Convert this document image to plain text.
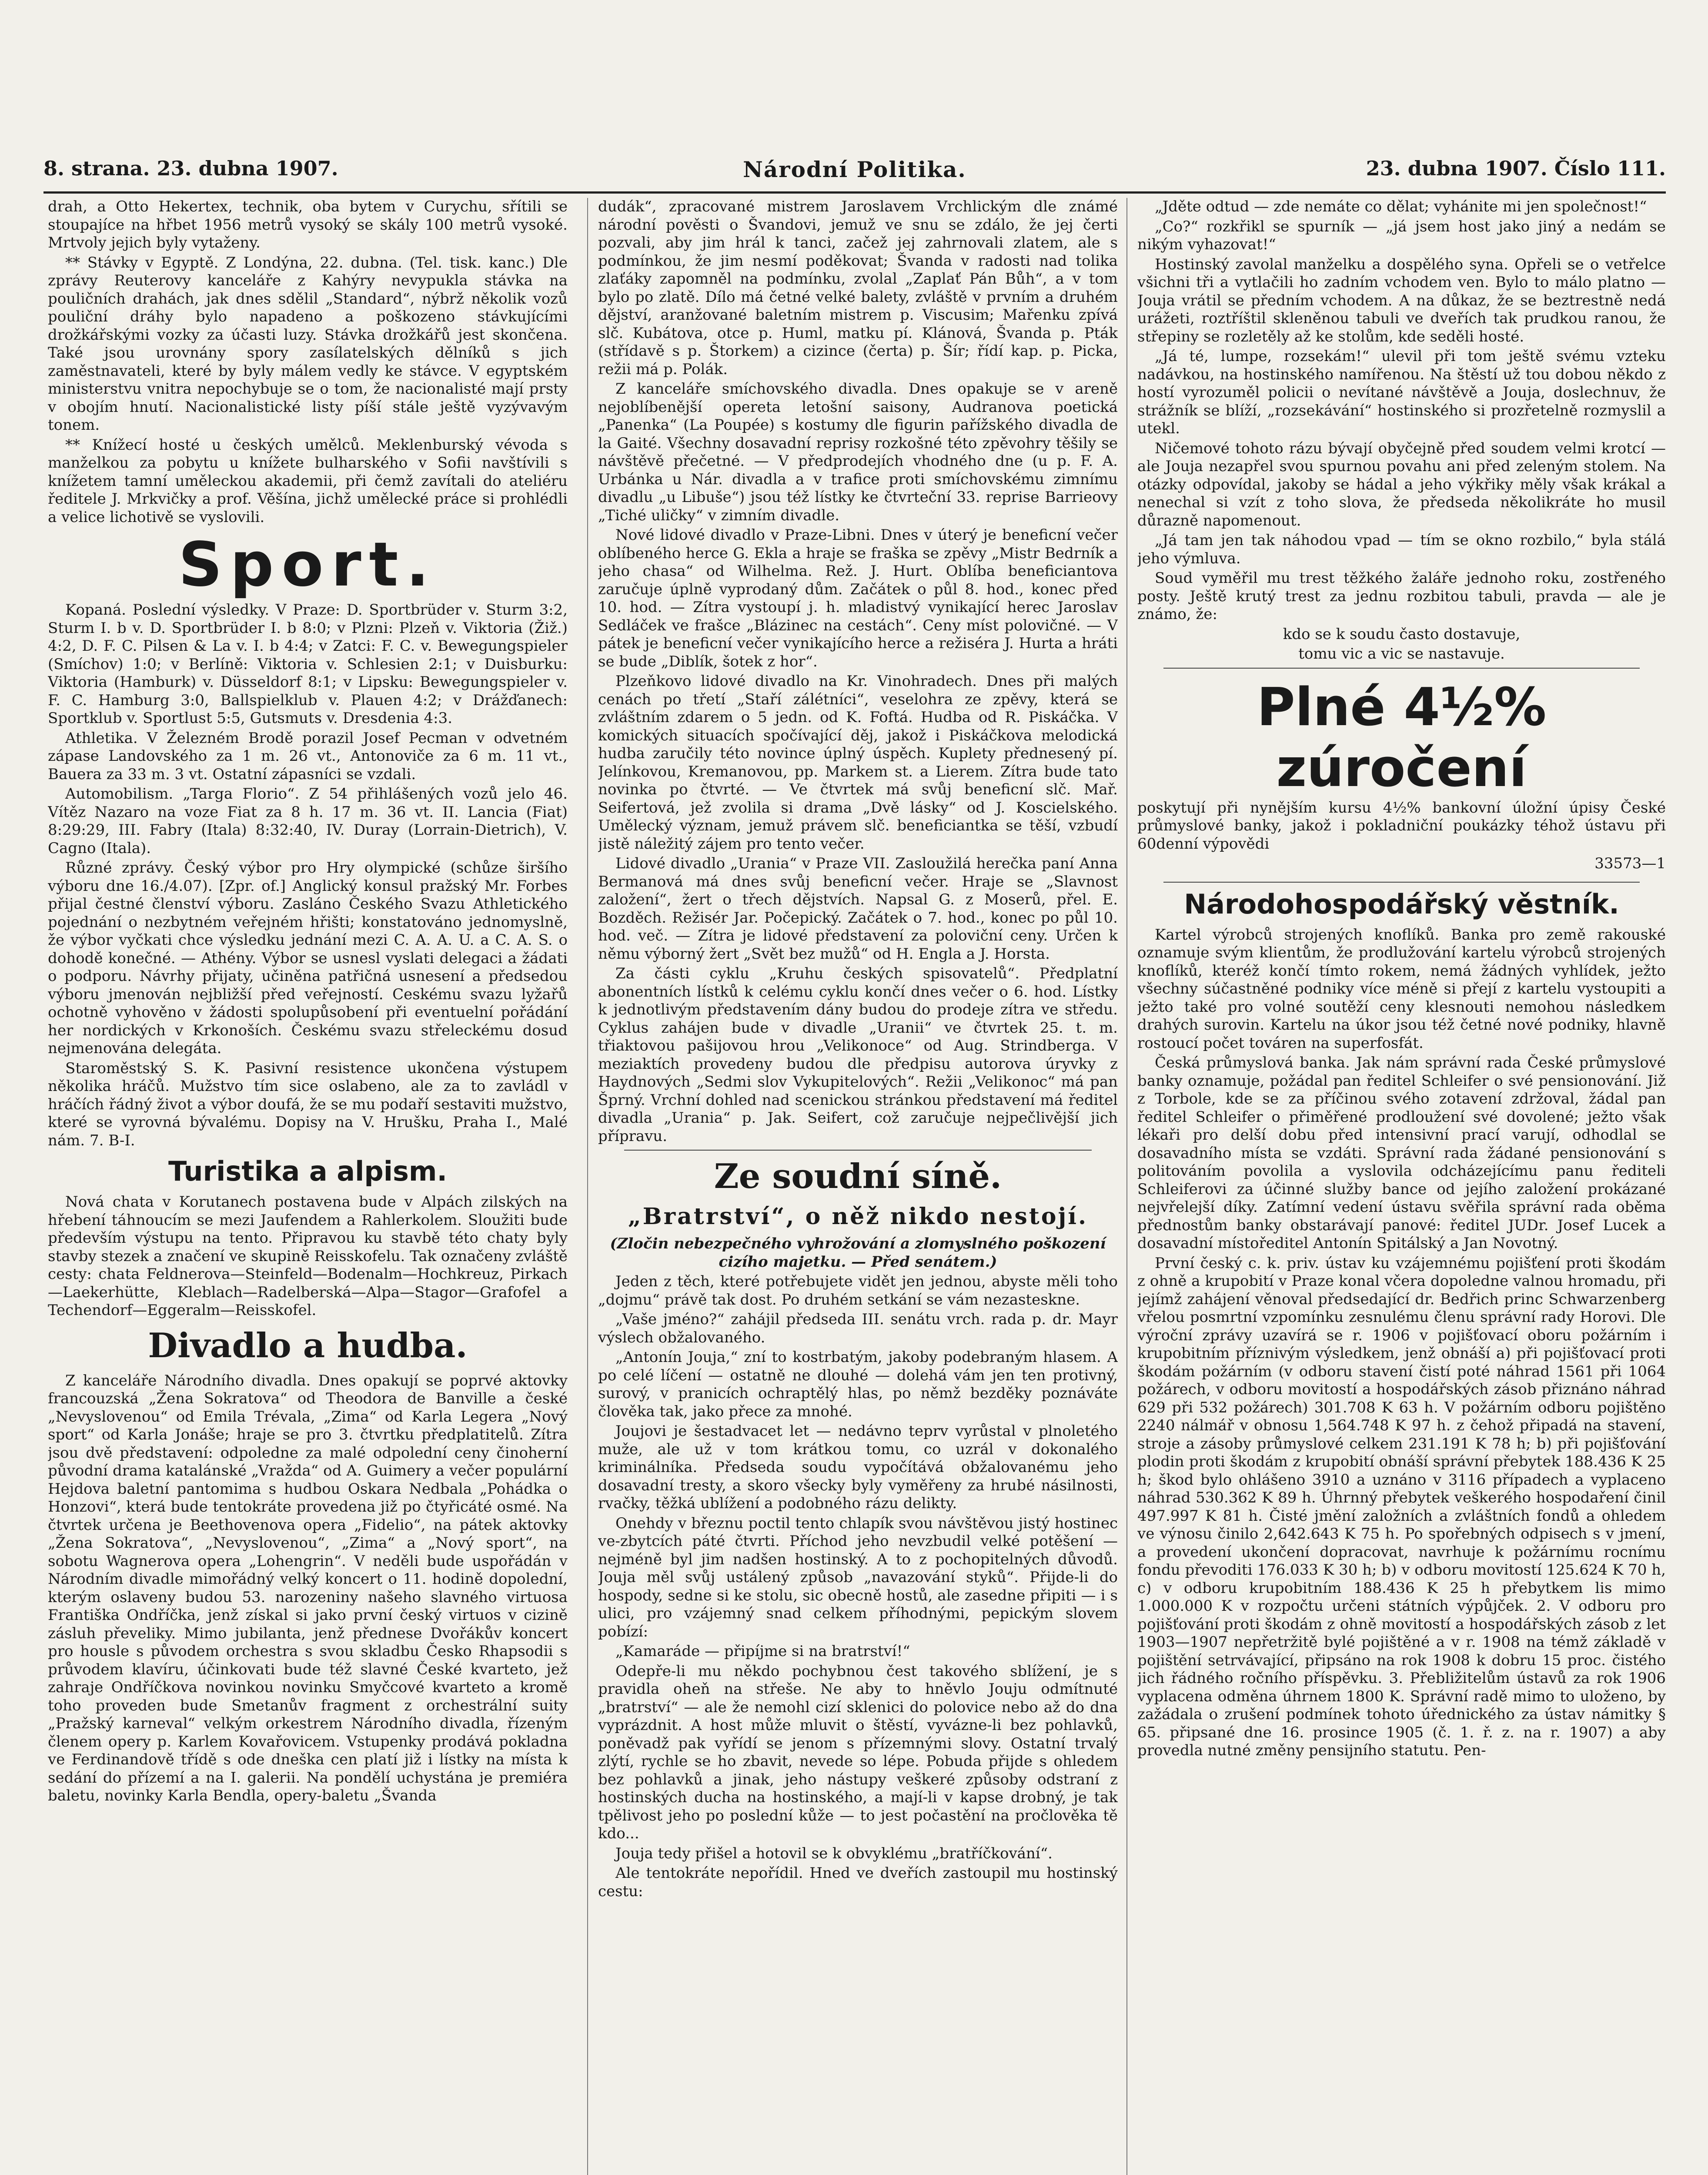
8. strana. 23. dubna 1907.	Národní Politika.	23. dubna 1907. Číslo 111.

drah, a Otto Hekertex, technik, oba bytem v Curychu, sřítili se stoupajíce na hřbet 1956 metrů vysoký se skály 100 metrů vysoké. Mrtvoly jejich byly vytaženy.

** Stávky v Egyptě. Z Londýna, 22. dubna. (Tel. tisk. kanc.) Dle zprávy Reuterovy kanceláře z Kahýry nevypukla stávka na pouličních drahách, jak dnes sdělil „Standard“, nýbrž několik vozů pouliční dráhy bylo napadeno a poškozeno stávkujícími drožkářskými vozky za účasti luzy. Stávka drožkářů jest skončena. Také jsou urovnány spory zasílatelských dělníků s jich zaměstnavateli, které by byly málem vedly ke stávce. V egyptském ministerstvu vnitra nepochybuje se o tom, že nacionalisté mají prsty v obojím hnutí. Nacionalistické listy píší stále ještě vyzývavým tonem.

** Knížecí hosté u českých umělců. Meklenburský vévoda s manželkou za pobytu u knížete bulharského v Sofii navštívili s knížetem tamní uměleckou akademii, při čemž zavítali do ateliéru ředitele J. Mrkvičky a prof. Věšína, jichž umělecké práce si prohlédli a velice lichotivě se vyslovili.

Sport.

Kopaná. Poslední výsledky. V Praze: D. Sportbrüder v. Sturm 3:2, Sturm I. b v. D. Sportbrüder I. b 8:0; v Plzni: Plzeň v. Viktoria (Žiž.) 4:2, D. F. C. Pilsen & La v. I. b 4:4; v Zatci: F. C. v. Bewegungspieler (Smíchov) 1:0; v Berlíně: Viktoria v. Schlesien 2:1; v Duisburku: Viktoria (Hamburk) v. Düsseldorf 8:1; v Lipsku: Bewegungspieler v. F. C. Hamburg 3:0, Ballspielklub v. Plauen 4:2; v Drážďanech: Sportklub v. Sportlust 5:5, Gutsmuts v. Dresdenia 4:3.

Athletika. V Železném Brodě porazil Josef Pecman v odvetném zápase Landovského za 1 m. 26 vt., Antonoviče za 6 m. 11 vt., Bauera za 33 m. 3 vt. Ostatní zápasníci se vzdali.

Automobilism. „Targa Florio“. Z 54 přihlášených vozů jelo 46. Vítěz Nazaro na voze Fiat za 8 h. 17 m. 36 vt. II. Lancia (Fiat) 8:29:29, III. Fabry (Itala) 8:32:40, IV. Duray (Lorrain-Dietrich), V. Cagno (Itala).

Různé zprávy. Český výbor pro Hry olympické (schůze širšího výboru dne 16./4.07). [Zpr. of.] Anglický konsul pražský Mr. Forbes přijal čestné členství výboru. Zasláno Českého Svazu Athletického pojednání o nezbytném veřejném hřišti; konstatováno jednomyslně, že výbor vyčkati chce výsledku jednání mezi C. A. A. U. a C. A. S. o dohodě konečné. — Athény. Výbor se usnesl vyslati delegaci a žádati o podporu. Návrhy přijaty, učiněna patřičná usnesení a předsedou výboru jmenován nejbližší před veřejností. Ceskému svazu lyžařů ochotně vyhověno v žádosti spolupůsobení při eventuelní pořádání her nordických v Krkonoších. Českému svazu střeleckému dosud nejmenována delegáta.

Staroměstský S. K. Pasivní resistence ukončena výstupem několika hráčů. Mužstvo tím sice oslabeno, ale za to zavládl v hráčích řádný život a výbor doufá, že se mu podaří sestaviti mužstvo, které se vyrovná bývalému. Dopisy na V. Hrušku, Praha I., Malé nám. 7. B-I.

Turistika a alpism.

Nová chata v Korutanech postavena bude v Alpách zilských na hřebení táhnoucím se mezi Jaufendem a Rahlerkolem. Sloužiti bude především výstupu na tento. Připravou ku stavbě této chaty byly stavby stezek a značení ve skupině Reisskofelu. Tak označeny zvláště cesty: chata Feldnerova—Steinfeld—Bodenalm—Hochkreuz, Pirkach—Laekerhütte, Kleblach—Radelberská—Alpa—Stagor—Grafofel a Techendorf—Eggeralm—Reisskofel.

Divadlo a hudba.

Z kanceláře Národního divadla. Dnes opakují se poprvé aktovky francouzská „Žena Sokratova“ od Theodora de Banville a české „Nevyslovenou“ od Emila Trévala, „Zima“ od Karla Legera „Nový sport“ od Karla Jonáše; hraje se pro 3. čtvrtku předplatitelů. Zítra jsou dvě představení: odpoledne za malé odpolední ceny činoherní původní drama katalánské „Vražda“ od A. Guimery a večer populární Hejdova baletní pantomima s hudbou Oskara Nedbala „Pohádka o Honzovi“, která bude tentokráte provedena již po čtyřicáté osmé. Na čtvrtek určena je Beethovenova opera „Fidelio“, na pátek aktovky „Žena Sokratova“, „Nevyslovenou“, „Zima“ a „Nový sport“, na sobotu Wagnerova opera „Lohengrin“. V neděli bude uspořádán v Národním divadle mimořádný velký koncert o 11. hodině dopolední, kterým oslaveny budou 53. narozeniny našeho slavného virtuosa Františka Ondříčka, jenž získal si jako první český virtuos v cizině zásluh převeliky. Mimo jubilanta, jenž přednese Dvořákův koncert pro housle s původem orchestra s svou skladbu Česko Rhapsodii s průvodem klavíru, účinkovati bude též slavné České kvarteto, jež zahraje Ondříčkova novinkou novinku Smyčcové kvarteto a kromě toho proveden bude Smetanův fragment z orchestrální suity „Pražský karneval“ velkým orkestrem Národního divadla, řízeným členem opery p. Karlem Kovařovicem. Vstupenky prodává pokladna ve Ferdinandově třídě s ode dneška cen platí již i lístky na místa k sedání do přízemí a na I. galerii. Na pondělí uchystána je premiéra baletu, novinky Karla Bendla, opery-baletu „Švanda

dudák“, zpracované mistrem Jaroslavem Vrchlickým dle známé národní pověsti o Švandovi, jemuž ve snu se zdálo, že jej čerti pozvali, aby jim hrál k tanci, začež jej zahrnovali zlatem, ale s podmínkou, že jim nesmí poděkovat; Švanda v radosti nad tolika zlaťáky zapomněl na podmínku, zvolal „Zaplať Pán Bůh“, a v tom bylo po zlatě. Dílo má četné velké balety, zvláště v prvním a druhém dějství, aranžované baletním mistrem p. Viscusim; Mařenku zpívá slč. Kubátova, otce p. Huml, matku pí. Klánová, Švanda p. Pták (střídavě s p. Štorkem) a cizince (čerta) p. Šír; řídí kap. p. Picka, režii má p. Polák.

Z kanceláře smíchovského divadla. Dnes opakuje se v areně nejoblíbenější opereta letošní saisony, Audranova poetická „Panenka“ (La Poupée) s kostumy dle figurin pařížského divadla de la Gaité. Všechny dosavadní reprisy rozkošné této zpěvohry těšily se návštěvě přečetné. — V předprodejích vhodného dne (u p. F. A. Urbánka u Nár. divadla a v trafice proti smíchovskému zimnímu divadlu „u Libuše“) jsou též lístky ke čtvrteční 33. reprise Barrieovy „Tiché uličky“ v zimním divadle.

Nové lidové divadlo v Praze-Libni. Dnes v úterý je beneficní večer oblíbeného herce G. Ekla a hraje se fraška se zpěvy „Mistr Bedrník a jeho chasa“ od Wilhelma. Rež. J. Hurt. Oblíba beneficiantova zaručuje úplně vyprodaný dům. Začátek o půl 8. hod., konec před 10. hod. — Zítra vystoupí j. h. mladistvý vynikající herec Jaroslav Sedláček ve frašce „Blázinec na cestách“. Ceny míst polovičné. — V pátek je beneficní večer vynikajícího herce a režiséra J. Hurta a hráti se bude „Diblík, šotek z hor“.

Plzeňkovo lidové divadlo na Kr. Vinohradech. Dnes při malých cenách po třetí „Staří zálétníci“, veselohra ze zpěvy, která se zvláštním zdarem o 5 jedn. od K. Foftá. Hudba od R. Piskáčka. V komických situacích spočívající děj, jakož i Piskáčkova melodická hudba zaručily této novince úplný úspěch. Kuplety přednesený pí. Jelínkovou, Kremanovou, pp. Markem st. a Lierem. Zítra bude tato novinka po čtvrté. — Ve čtvrtek má svůj beneficní slč. Mař. Seifertová, jež zvolila si drama „Dvě lásky“ od J. Koscielského. Umělecký význam, jemuž právem slč. beneficiantka se těší, vzbudí jistě náležitý zájem pro tento večer.

Lidové divadlo „Urania“ v Praze VII. Zasloužilá herečka paní Anna Bermanová má dnes svůj beneficní večer. Hraje se „Slavnost založení“, žert o třech dějstvích. Napsal G. z Moserů, přel. E. Bozděch. Režisér Jar. Počepický. Začátek o 7. hod., konec po půl 10. hod. več. — Zítra je lidové představení za poloviční ceny. Určen k němu výborný žert „Svět bez mužů“ od H. Engla a J. Horsta.

Za části cyklu „Kruhu českých spisovatelů“. Předplatní abonentních lístků k celému cyklu končí dnes večer o 6. hod. Lístky k jednotlivým představením dány budou do prodeje zítra ve středu. Cyklus zahájen bude v divadle „Uranii“ ve čtvrtek 25. t. m. třiaktovou pašijovou hrou „Velikonoce“ od Aug. Strindberga. V meziaktích provedeny budou dle předpisu autorova úryvky z Haydnových „Sedmi slov Vykupitelových“. Režii „Velikonoc“ má pan Šprný. Vrchní dohled nad scenickou stránkou představení má ředitel divadla „Urania“ p. Jak. Seifert, což zaručuje nejpečlivější jich přípravu.

Ze soudní síně.
„Bratrství“, o něž nikdo nestojí.

(Zločin nebezpečného vyhrožování a zlomyslného poškození cizího majetku. — Před senátem.)

Jeden z těch, které potřebujete vidět jen jednou, abyste měli toho „dojmu“ právě tak dost. Po druhém setkání se vám nezasteskne.

„Vaše jméno?“ zahájil předseda III. senátu vrch. rada p. dr. Mayr výslech obžalovaného.

„Antonín Jouja,“ zní to kostrbatým, jakoby podebraným hlasem. A po celé líčení — ostatně ne dlouhé — dolehá vám jen ten protivný, surový, v pranicích ochraptělý hlas, po němž bezděky poznáváte člověka tak, jako přece za mnohé.

Joujovi je šestadvacet let — nedávno teprv vyrůstal v plnoletého muže, ale už v tom krátkou tomu, co uzrál v dokonalého kriminálníka. Předseda soudu vypočítává obžalovanému jeho dosavadní tresty, a skoro všecky byly vyměřeny za hrubé násilnosti, rvačky, těžká ublížení a podobného rázu delikty.

Onehdy v březnu poctil tento chlapík svou návštěvou jistý hostinec ve-zbytcích páté čtvrti. Příchod jeho nevzbudil velké potěšení — nejméně byl jim nadšen hostinský. A to z pochopitelných důvodů. Jouja měl svůj ustálený způsob „navazování styků“. Přijde-li do hospody, sedne si ke stolu, sic obecně hostů, ale zasedne připiti — i s ulici, pro vzájemný snad celkem příhodnými, pepickým slovem pobízí:

„Kamaráde — připíjme si na bratrství!“

Odepře-li mu někdo pochybnou čest takového sblížení, je s pravidla oheň na střeše. Ne aby to hněvlo Jouju odmítnuté „bratrství“ — ale že nemohl cizí sklenici do polovice nebo až do dna vyprázdnit. A host může mluvit o štěstí, vyvázne-li bez pohlavků, poněvadž pak vyřídí se jenom s přízemnými slovy. Ostatní trvalý zlýtí, rychle se ho zbavit, nevede so lépe. Pobuda přijde s ohledem bez pohlavků a jinak, jeho nástupy veškeré způsoby odstraní z hostinských ducha na hostinského, a mají-li v kapse drobný, je tak tpělivost jeho po poslední kůže — to jest počastění na pročlověka tě kdo...

Jouja tedy přišel a hotovil se k obvyklému „bratříčkování“.

Ale tentokráte nepořídil. Hned ve dveřích zastoupil mu hostinský cestu:

„Jděte odtud — zde nemáte co dělat; vyhánite mi jen společnost!“

„Co?“ rozkřikl se spurník — „já jsem host jako jiný a nedám se nikým vyhazovat!“

Hostinský zavolal manželku a dospělého syna. Opřeli se o vetřelce všichni tři a vytlačili ho zadním vchodem ven. Bylo to málo platno — Jouja vrátil se předním vchodem. A na důkaz, že se beztrestně nedá urážeti, roztříštil skleněnou tabuli ve dveřích tak prudkou ranou, že střepiny se rozletěly až ke stolům, kde seděli hosté.

„Já té, lumpe, rozsekám!“ ulevil při tom ještě svému vzteku nadávkou, na hostinského namířenou. Na štěstí už tou dobou někdo z hostí vyrozuměl policii o nevítané návštěvě a Jouja, doslechnuv, že strážník se blíží, „rozsekávání“ hostinského si prozřetelně rozmyslil a utekl.

Ničemové tohoto rázu bývají obyčejně před soudem velmi krotcí — ale Jouja nezapřel svou spurnou povahu ani před zeleným stolem. Na otázky odpovídal, jakoby se hádal a jeho výkřiky měly však krákal a nenechal si vzít z toho slova, že předseda několikráte ho musil důrazně napomenout.

„Já tam jen tak náhodou vpad — tím se okno rozbilo,“ byla stálá jeho výmluva.

Soud vyměřil mu trest těžkého žaláře jednoho roku, zostřeného posty. Ještě krutý trest za jednu rozbitou tabuli, pravda — ale je známo, že:

kdo se k soudu často dostavuje,

tomu vic a vic se nastavuje.

Plné 4½% zúročení

poskytují při nynějším kursu 4½% bankovní úložní úpisy České průmyslové banky, jakož i pokladniční poukázky téhož ústavu při 60denní výpovědi

33573—1

Národohospodářský věstník.

Kartel výrobců strojených knoflíků. Banka pro země rakouské oznamuje svým klientům, že prodlužování kartelu výrobců strojených knoflíků, kteréž končí tímto rokem, nemá žádných vyhlídek, ježto všechny súčastněné podniky více méně si přejí z kartelu vystoupiti a ježto také pro volné soutěží ceny klesnouti nemohou následkem drahých surovin. Kartelu na úkor jsou též četné nové podniky, hlavně rostoucí počet továren na superfosfát.

Česká průmyslová banka. Jak nám správní rada České průmyslové banky oznamuje, požádal pan ředitel Schleifer o své pensionování. Již z Torbole, kde se za příčinou svého zotavení zdržoval, žádal pan ředitel Schleifer o přiměřené prodloužení své dovolené; ježto však lékaři pro delší dobu před intensivní prací varují, odhodlal se dosavadního místa se vzdáti. Správní rada žádané pensionování s politováním povolila a vyslovila odcházejícímu panu řediteli Schleiferovi za účinné služby bance od jejího založení prokázané nejvřelejší díky. Zatímní vedení ústavu svěřila správní rada oběma přednostům banky obstarávají panové: ředitel JUDr. Josef Lucek a dosavadní místoředitel Antonín Spitálský a Jan Novotný.

První český c. k. priv. ústav ku vzájemnému pojišťení proti škodám z ohně a krupobití v Praze konal včera dopoledne valnou hromadu, při jejímž zahájení věnoval předsedající dr. Bedřich princ Schwarzenberg vřelou posmrtní vzpomínku zesnulému členu správní rady Horovi. Dle výroční zprávy uzavírá se r. 1906 v pojišťovací oboru požárním i krupobitním příznivým výsledkem, jenž obnáší a) při pojišťovací proti škodám požárním (v odboru stavení čistí poté náhrad 1561 při 1064 požárech, v odboru movitostí a hospodářských zásob přiznáno náhrad 629 při 532 požárech) 301.708 K 63 h. V požárním odboru pojištěno 2240 nálmář v obnosu 1,564.748 K 97 h. z čehož připadá na stavení, stroje a zásoby průmyslové celkem 231.191 K 78 h; b) při pojišťování plodin proti škodám z krupobití obnáší správní přebytek 188.436 K 25 h; škod bylo ohlášeno 3910 a uznáno v 3116 případech a vyplaceno náhrad 530.362 K 89 h. Úhrnný přebytek veškerého hospodaření činil 497.997 K 81 h. Čisté jmění založních a zvláštních fondů a ohledem ve výnosu činilo 2,642.643 K 75 h. Po spořebných odpisech s v jmení, a provedení ukončení dopracovat, navrhuje k požárnímu rocnímu fondu převoditi 176.033 K 30 h; b) v odboru movitostí 125.624 K 70 h, c) v odboru krupobitním 188.436 K 25 h přebytkem lis mimo 1.000.000 K v rozpočtu určeni státních výpůjček. 2. V odboru pro pojišťování proti škodám z ohně movitostí a hospodářských zásob z let 1903—1907 nepřetržitě bylé pojištěné a v r. 1908 na témž základě v pojištění setrvávající, připsáno na rok 1908 k dobru 15 proc. čistého jich řádného ročního příspěvku. 3. Přebližitelům ústavů za rok 1906 vyplacena odměna úhrnem 1800 K. Správní radě mimo to uloženo, by zažádala o zrušení podmínek tohoto úřednického za ústav námitky § 65. připsané dne 16. prosince 1905 (č. 1. ř. z. na r. 1907) a aby provedla nutné změny pensijního statutu. Pen-
